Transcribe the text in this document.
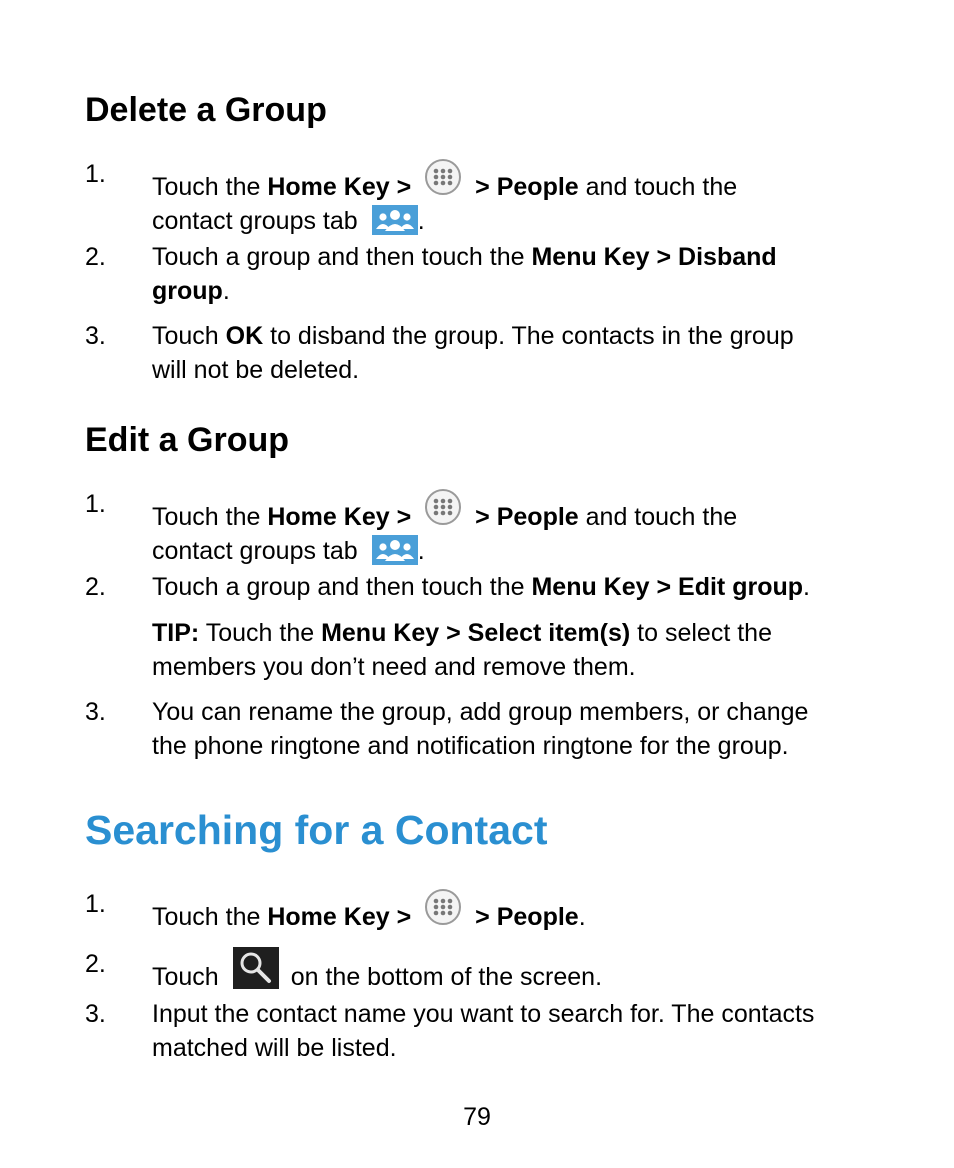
Delete a Group
1. Touch the Home Key >	> People and touch the
contact groups tab .
2. Touch a group and then touch the Menu Key > Disband
group.
3. Touch OK to disband the group. The contacts in the group
will not be deleted.
Edit a Group
1. Touch the Home Key >	> People and touch the
contact groups tab .
2. Touch a group and then touch the Menu Key > Edit group.
TIP: Touch the Menu Key > Select item(s) to select the
members you don’t need and remove them.
3. You can rename the group, add group members, or change
the phone ringtone and notification ringtone for the group.
Searching for a Contact
1. Touch the Home Key >	> People.
2. Touch	on the bottom of the screen.
3. Input the contact name you want to search for. The contacts
matched will be listed.
79
